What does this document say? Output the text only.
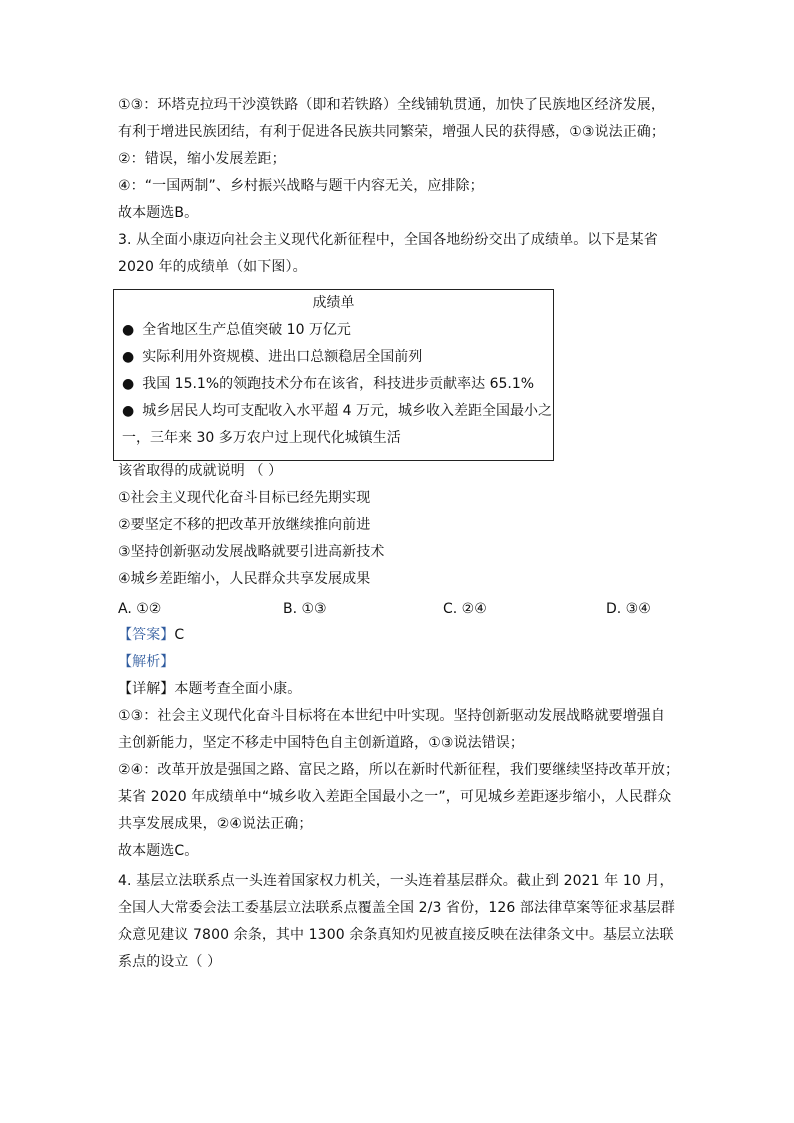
①③：环塔克拉玛干沙漠铁路（即和若铁路）全线铺轨贯通，加快了民族地区经济发展，
有利于增进民族团结，有利于促进各民族共同繁荣，增强人民的获得感，①③说法正确；
②：错误，缩小发展差距；
④：“一国两制”、乡村振兴战略与题干内容无关，应排除；
故本题选B。
3. 从全面小康迈向社会主义现代化新征程中，全国各地纷纷交出了成绩单。以下是某省
2020 年的成绩单（如下图）。
成绩单
● 全省地区生产总值突破 10 万亿元
● 实际利用外资规模、进出口总额稳居全国前列
● 我国 15.1%的领跑技术分布在该省，科技进步贡献率达 65.1%
● 城乡居民人均可支配收入水平超 4 万元，城乡收入差距全国最小之
一，三年来 30 多万农户过上现代化城镇生活
该省取得的成就说明 （ ）
①社会主义现代化奋斗目标已经先期实现
②要坚定不移的把改革开放继续推向前进
③坚持创新驱动发展战略就要引进高新技术
④城乡差距缩小，人民群众共享发展成果
A. ①②	B. ①③	C. ②④	D. ③④
【答案】C
【解析】
【详解】本题考查全面小康。
①③：社会主义现代化奋斗目标将在本世纪中叶实现。坚持创新驱动发展战略就要增强自
主创新能力，坚定不移走中国特色自主创新道路，①③说法错误；
②④：改革开放是强国之路、富民之路，所以在新时代新征程，我们要继续坚持改革开放；
某省 2020 年成绩单中“城乡收入差距全国最小之一”，可见城乡差距逐步缩小，人民群众
共享发展成果，②④说法正确；
故本题选C。
4. 基层立法联系点一头连着国家权力机关，一头连着基层群众。截止到 2021 年 10 月，
全国人大常委会法工委基层立法联系点覆盖全国 2/3 省份，126 部法律草案等征求基层群
众意见建议 7800 余条，其中 1300 余条真知灼见被直接反映在法律条文中。基层立法联
系点的设立（ ）
